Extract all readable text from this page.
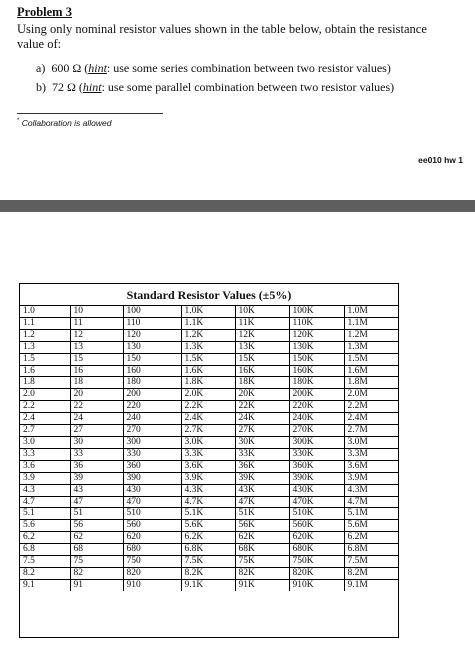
Problem 3
Using only nominal resistor values shown in the table below, obtain the resistance value of:
a) 600 Ω (hint: use some series combination between two resistor values)
b) 72 Ω (hint: use some parallel combination between two resistor values)
* Collaboration is allowed
ee010 hw 1
Standard Resistor Values (±5%)
1.0	10	100	1.0K	10K	100K	1.0M
1.1	11	110	1.1K	11K	110K	1.1M
1.2	12	120	1.2K	12K	120K	1.2M
1.3	13	130	1.3K	13K	130K	1.3M
1.5	15	150	1.5K	15K	150K	1.5M
1.6	16	160	1.6K	16K	160K	1.6M
1.8	18	180	1.8K	18K	180K	1.8M
2.0	20	200	2.0K	20K	200K	2.0M
2.2	22	220	2.2K	22K	220K	2.2M
2.4	24	240	2.4K	24K	240K	2.4M
2.7	27	270	2.7K	27K	270K	2.7M
3.0	30	300	3.0K	30K	300K	3.0M
3.3	33	330	3.3K	33K	330K	3.3M
3.6	36	360	3.6K	36K	360K	3.6M
3.9	39	390	3.9K	39K	390K	3.9M
4.3	43	430	4.3K	43K	430K	4.3M
4.7	47	470	4.7K	47K	470K	4.7M
5.1	51	510	5.1K	51K	510K	5.1M
5.6	56	560	5.6K	56K	560K	5.6M
6.2	62	620	6.2K	62K	620K	6.2M
6.8	68	680	6.8K	68K	680K	6.8M
7.5	75	750	7.5K	75K	750K	7.5M
8.2	82	820	8.2K	82K	820K	8.2M
9.1	91	910	9.1K	91K	910K	9.1M
